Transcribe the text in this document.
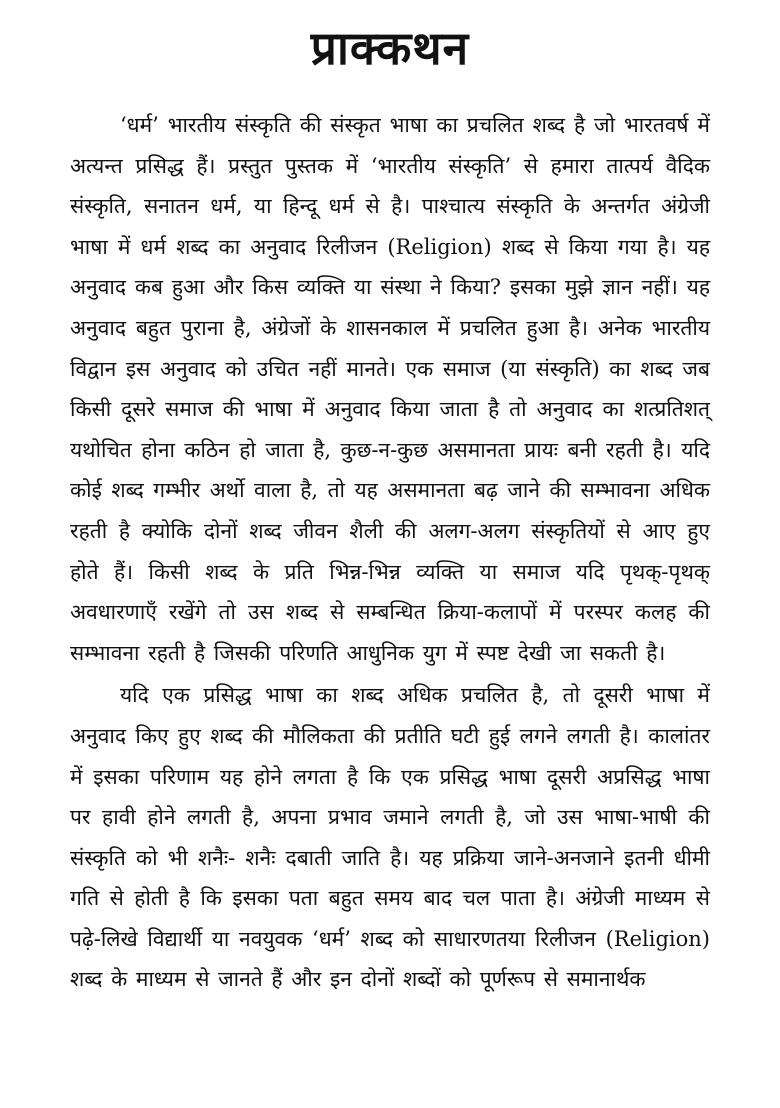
प्राक्कथन

‘धर्म’ भारतीय संस्कृति की संस्कृत भाषा का प्रचलित शब्द है जो भारतवर्ष में अत्यन्त प्रसिद्ध हैं। प्रस्तुत पुस्तक में ‘भारतीय संस्कृति’ से हमारा तात्पर्य वैदिक संस्कृति, सनातन धर्म, या हिन्दू धर्म से है। पाश्चात्य संस्कृति के अन्तर्गत अंग्रेजी भाषा में धर्म शब्द का अनुवाद रिलीजन (Religion) शब्द से किया गया है। यह अनुवाद कब हुआ और किस व्यक्ति या संस्था ने किया? इसका मुझे ज्ञान नहीं। यह अनुवाद बहुत पुराना है, अंग्रेजों के शासनकाल में प्रचलित हुआ है। अनेक भारतीय विद्वान इस अनुवाद को उचित नहीं मानते। एक समाज (या संस्कृति) का शब्द जब किसी दूसरे समाज की भाषा में अनुवाद किया जाता है तो अनुवाद का शत्प्रतिशत् यथोचित होना कठिन हो जाता है, कुछ-न-कुछ असमानता प्रायः बनी रहती है। यदि कोई शब्द गम्भीर अर्थो वाला है, तो यह असमानता बढ़ जाने की सम्भावना अधिक रहती है क्योकि दोनों शब्द जीवन शैली की अलग-अलग संस्कृतियों से आए हुए होते हैं। किसी शब्द के प्रति भिन्न-भिन्न व्यक्ति या समाज यदि पृथक्-पृथक् अवधारणाएँ रखेंगे तो उस शब्द से सम्बन्धित क्रिया-कलापों में परस्पर कलह की सम्भावना रहती है जिसकी परिणति आधुनिक युग में स्पष्ट देखी जा सकती है।

यदि एक प्रसिद्ध भाषा का शब्द अधिक प्रचलित है, तो दूसरी भाषा में अनुवाद किए हुए शब्द की मौलिकता की प्रतीति घटी हुई लगने लगती है। कालांतर में इसका परिणाम यह होने लगता है कि एक प्रसिद्ध भाषा दूसरी अप्रसिद्ध भाषा पर हावी होने लगती है, अपना प्रभाव जमाने लगती है, जो उस भाषा-भाषी की संस्कृति को भी शनैः- शनैः दबाती जाति है। यह प्रक्रिया जाने-अनजाने इतनी धीमी गति से होती है कि इसका पता बहुत समय बाद चल पाता है। अंग्रेजी माध्यम से पढ़े-लिखे विद्यार्थी या नवयुवक ‘धर्म’ शब्द को साधारणतया रिलीजन (Religion) शब्द के माध्यम से जानते हैं और इन दोनों शब्दों को पूर्णरूप से समानार्थक
